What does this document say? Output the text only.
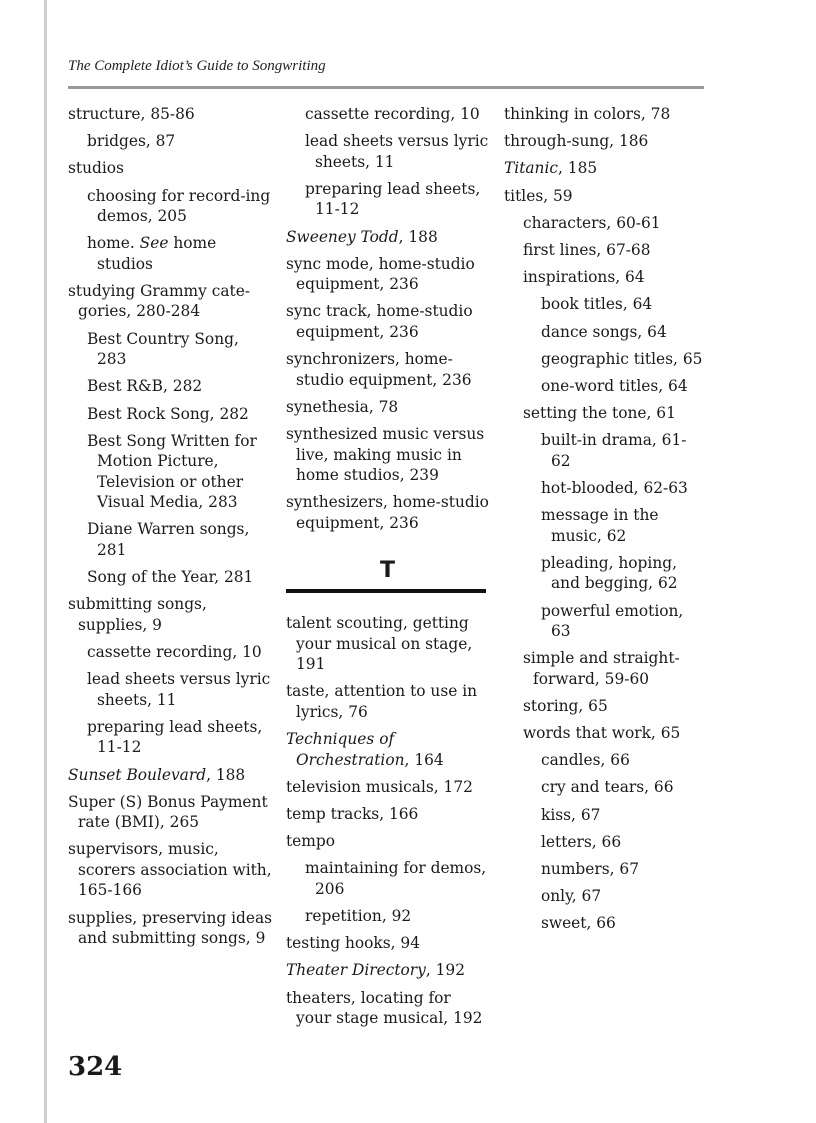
The Complete Idiot’s Guide to Songwriting
structure, 85-86
bridges, 87
studios
choosing for record-ing demos, 205
home. See home studios
studying Grammy cate-gories, 280-284
Best Country Song, 283
Best R&B, 282
Best Rock Song, 282
Best Song Written for Motion Picture, Television or other Visual Media, 283
Diane Warren songs, 281
Song of the Year, 281
submitting songs, supplies, 9
cassette recording, 10
lead sheets versus lyric sheets, 11
preparing lead sheets, 11-12
Sunset Boulevard, 188
Super (S) Bonus Payment rate (BMI), 265
supervisors, music, scorers association with, 165-166
supplies, preserving ideas and submitting songs, 9
cassette recording, 10
lead sheets versus lyric sheets, 11
preparing lead sheets, 11-12
Sweeney Todd, 188
sync mode, home-studio equipment, 236
sync track, home-studio equipment, 236
synchronizers, home-studio equipment, 236
synethesia, 78
synthesized music versus live, making music in home studios, 239
synthesizers, home-studio equipment, 236
T
talent scouting, getting your musical on stage, 191
taste, attention to use in lyrics, 76
Techniques of Orchestration, 164
television musicals, 172
temp tracks, 166
tempo
maintaining for demos, 206
repetition, 92
testing hooks, 94
Theater Directory, 192
theaters, locating for your stage musical, 192
thinking in colors, 78
through-sung, 186
Titanic, 185
titles, 59
characters, 60-61
first lines, 67-68
inspirations, 64
book titles, 64
dance songs, 64
geographic titles, 65
one-word titles, 64
setting the tone, 61
built-in drama, 61-62
hot-blooded, 62-63
message in the music, 62
pleading, hoping, and begging, 62
powerful emotion, 63
simple and straight-forward, 59-60
storing, 65
words that work, 65
candles, 66
cry and tears, 66
kiss, 67
letters, 66
numbers, 67
only, 67
sweet, 66
324
